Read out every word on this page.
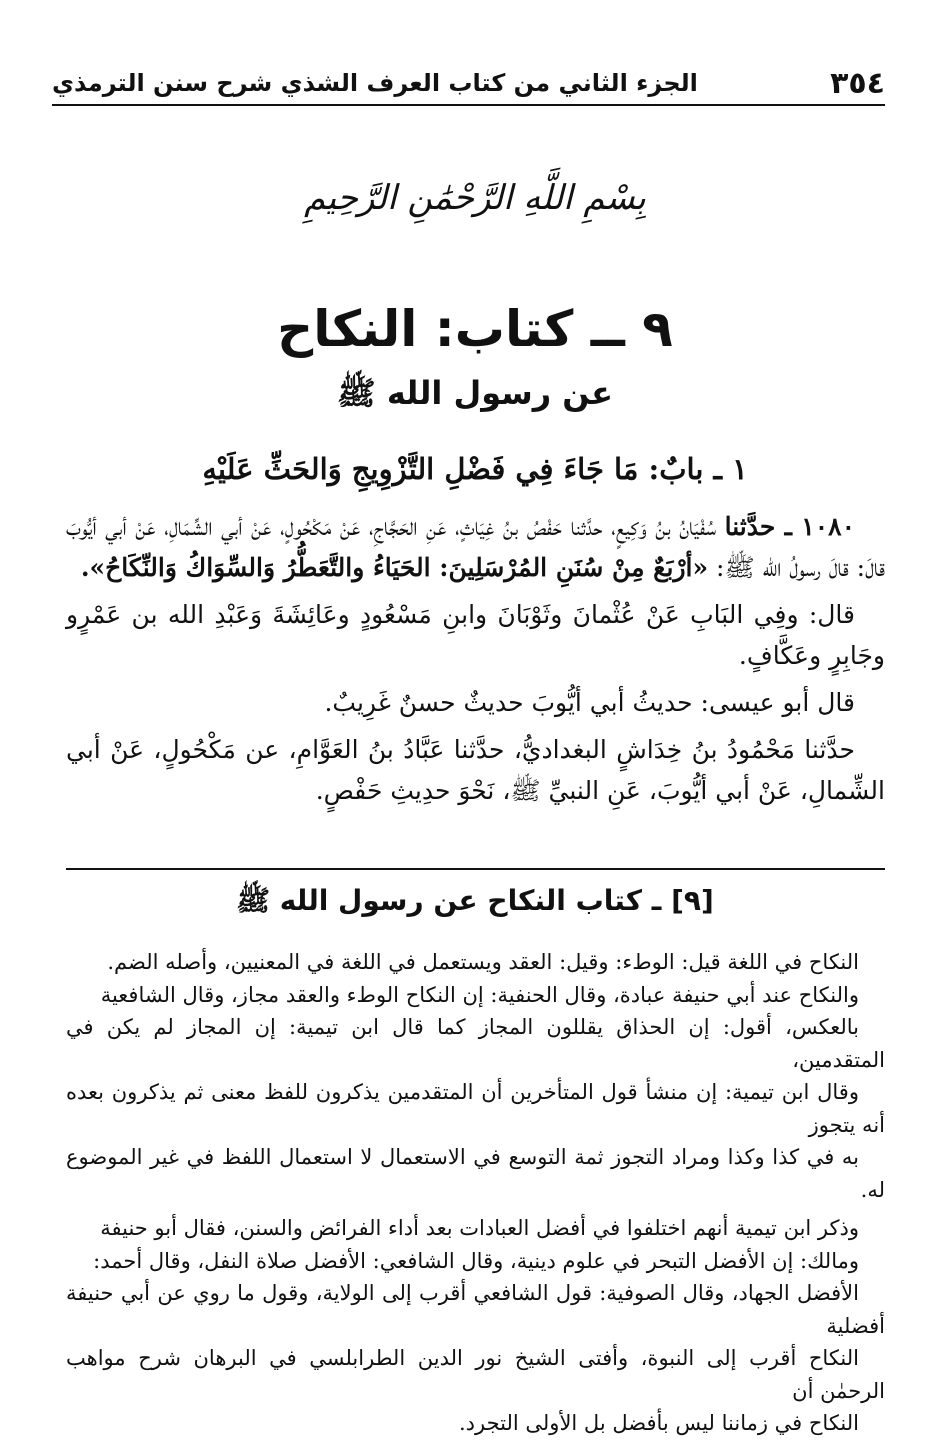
٣٥٤
الجزء الثاني من كتاب العرف الشذي شرح سنن الترمذي
بِسْمِ اللَّهِ الرَّحْمَٰنِ الرَّحِيمِ
٩ ــ كتاب: النكاح
عن رسول الله ﷺ
١ ـ بابٌ: مَا جَاءَ فِي فَضْلِ التَّزْوِيجِ وَالحَثِّ عَلَيْهِ

١٠٨٠ ـ حدَّثنا سُفْيَانُ بنُ وَكِيعٍ، حدَّثنا حَفْصُ بنُ غِيَاثٍ، عَنِ الحَجَّاجِ، عَنْ مَكْحُولٍ، عَنْ أبي الشِّمَالِ، عَنْ أبي أيُّوبَ قالَ: قالَ رسولُ الله ﷺ: «أرْبَعٌ مِنْ سُنَنِ المُرْسَلِينَ: الحَيَاءُ والتَّعَطُّرُ وَالسِّوَاكُ وَالنِّكَاحُ».

قال: وفِي البَابِ عَنْ عُثْمانَ وثَوْبَانَ وابنِ مَسْعُودٍ وعَائِشَةَ وَعَبْدِ الله بن عَمْرٍو وجَابِرٍ وعَكَّافٍ.

قال أبو عيسى: حديثُ أبي أيُّوبَ حديثٌ حسنٌ غَرِيبٌ.

حدَّثنا مَحْمُودُ بنُ خِدَاشٍ البغداديُّ، حدَّثنا عَبَّادُ بنُ العَوَّامِ، عن مَكْحُولٍ، عَنْ أبي الشِّمالِ، عَنْ أبي أيُّوبَ، عَنِ النبيِّ ﷺ، نَحْوَ حدِيثِ حَفْصٍ.

[٩] ـ كتاب النكاح عن رسول الله ﷺ

النكاح في اللغة قيل: الوطء: وقيل: العقد ويستعمل في اللغة في المعنيين، وأصله الضم.
والنكاح عند أبي حنيفة عبادة، وقال الحنفية: إن النكاح الوطء والعقد مجاز، وقال الشافعية
بالعكس، أقول: إن الحذاق يقللون المجاز كما قال ابن تيمية: إن المجاز لم يكن في المتقدمين،
وقال ابن تيمية: إن منشأ قول المتأخرين أن المتقدمين يذكرون للفظ معنى ثم يذكرون بعده أنه يتجوز
به في كذا وكذا ومراد التجوز ثمة التوسع في الاستعمال لا استعمال اللفظ في غير الموضوع له.

وذكر ابن تيمية أنهم اختلفوا في أفضل العبادات بعد أداء الفرائض والسنن، فقال أبو حنيفة
ومالك: إن الأفضل التبحر في علوم دينية، وقال الشافعي: الأفضل صلاة النفل، وقال أحمد:
الأفضل الجهاد، وقال الصوفية: قول الشافعي أقرب إلى الولاية، وقول ما روي عن أبي حنيفة أفضلية
النكاح أقرب إلى النبوة، وأفتى الشيخ نور الدين الطرابلسي في البرهان شرح مواهب الرحمٰن أن
النكاح في زماننا ليس بأفضل بل الأولى التجرد.
